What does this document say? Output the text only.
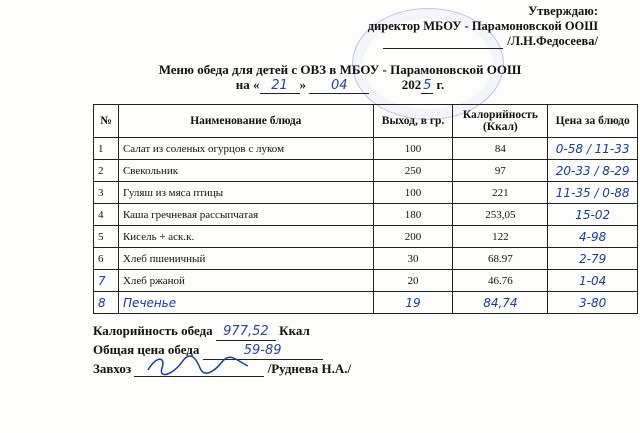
Утверждаю:
директор МБОУ - Парамоновской ООШ
/Л.Н.Федосеева/
Меню обеда для детей с ОВЗ в МБОУ - Парамоновской ООШ
на « 21 » 04	202 5 г.
№	Наименование блюда	Выход, в гр.	Калорийность (Ккал)	Цена за блюдо
1	Салат из соленых огурцов с луком	100	84	0-58 / 11-33
2	Свекольник	250	97	20-33 / 8-29
3	Гуляш из мяса птицы	100	221	11-35 / 0-88
4	Каша гречневая рассыпчатая	180	253,05	15-02
5	Кисель + аск.к.	200	122	4-98
6	Хлеб пшеничный	30	68.97	2-79
7	Хлеб ржаной	20	46.76	1-04
8	Печенье	19	84,74	3-80
Калорийность обеда 977,52 Ккал
Общая цена обеда	59-89
Завхоз	/Руднева Н.А./
